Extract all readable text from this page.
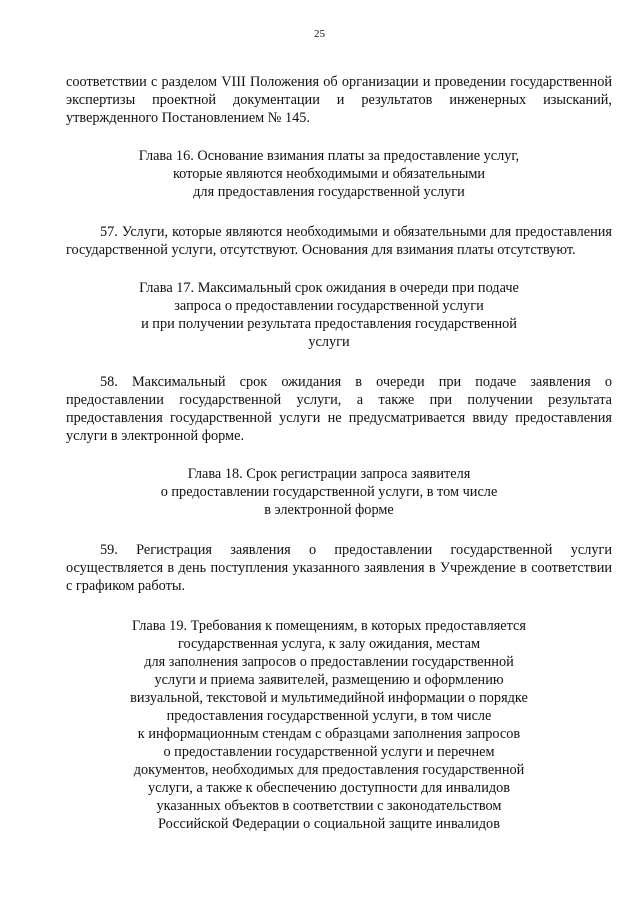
25

соответствии с разделом VIII Положения об организации и проведении государственной экспертизы проектной документации и результатов инженерных изысканий, утвержденного Постановлением № 145.

Глава 16. Основание взимания платы за предоставление услуг,
которые являются необходимыми и обязательными
для предоставления государственной услуги

57. Услуги, которые являются необходимыми и обязательными для предоставления государственной услуги, отсутствуют. Основания для взимания платы отсутствуют.

Глава 17. Максимальный срок ожидания в очереди при подаче
запроса о предоставлении государственной услуги
и при получении результата предоставления государственной
услуги

58. Максимальный срок ожидания в очереди при подаче заявления о предоставлении государственной услуги, а также при получении результата предоставления государственной услуги не предусматривается ввиду предоставления услуги в электронной форме.

Глава 18. Срок регистрации запроса заявителя
о предоставлении государственной услуги, в том числе
в электронной форме

59. Регистрация заявления о предоставлении государственной услуги осуществляется в день поступления указанного заявления в Учреждение в соответствии с графиком работы.

Глава 19. Требования к помещениям, в которых предоставляется
государственная услуга, к залу ожидания, местам
для заполнения запросов о предоставлении государственной
услуги и приема заявителей, размещению и оформлению
визуальной, текстовой и мультимедийной информации о порядке
предоставления государственной услуги, в том числе
к информационным стендам с образцами заполнения запросов
о предоставлении государственной услуги и перечнем
документов, необходимых для предоставления государственной
услуги, а также к обеспечению доступности для инвалидов
указанных объектов в соответствии с законодательством
Российской Федерации о социальной защите инвалидов
